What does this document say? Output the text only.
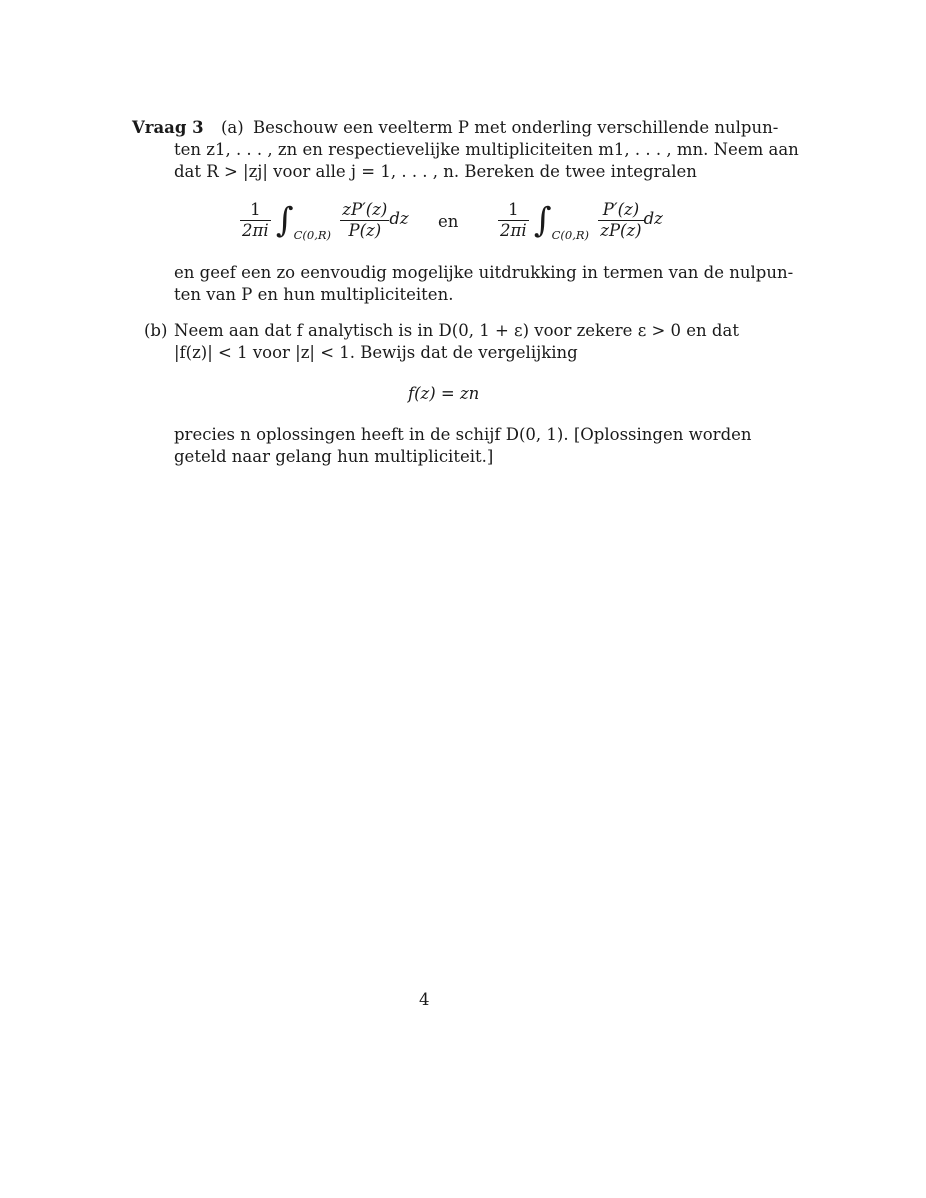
Vraag 3 (a) Beschouw een veelterm P met onderling verschillende nulpun-
ten z1, . . . , zn en respectievelijke multipliciteiten m1, . . . , mn. Neem aan
dat R > |zj| voor alle j = 1, . . . , n. Bereken de twee integralen
$\frac{1}{2\pi i} \int_{C(0,R)} \frac{zP'(z)}{P(z)}$ dz en $\frac{1}{2\pi i} \int_{C(0,R)} \frac{P'(z)}{zP(z)}$ dz
en geef een zo eenvoudig mogelijke uitdrukking in termen van de nulpun-
ten van P en hun multipliciteiten.
(b) Neem aan dat f analytisch is in D(0, 1 + ε) voor zekere ε > 0 en dat
|f(z)| < 1 voor |z| < 1. Bewijs dat de vergelijking
f(z) = zn
precies n oplossingen heeft in de schijf D(0, 1). [Oplossingen worden
geteld naar gelang hun multipliciteit.]
4
